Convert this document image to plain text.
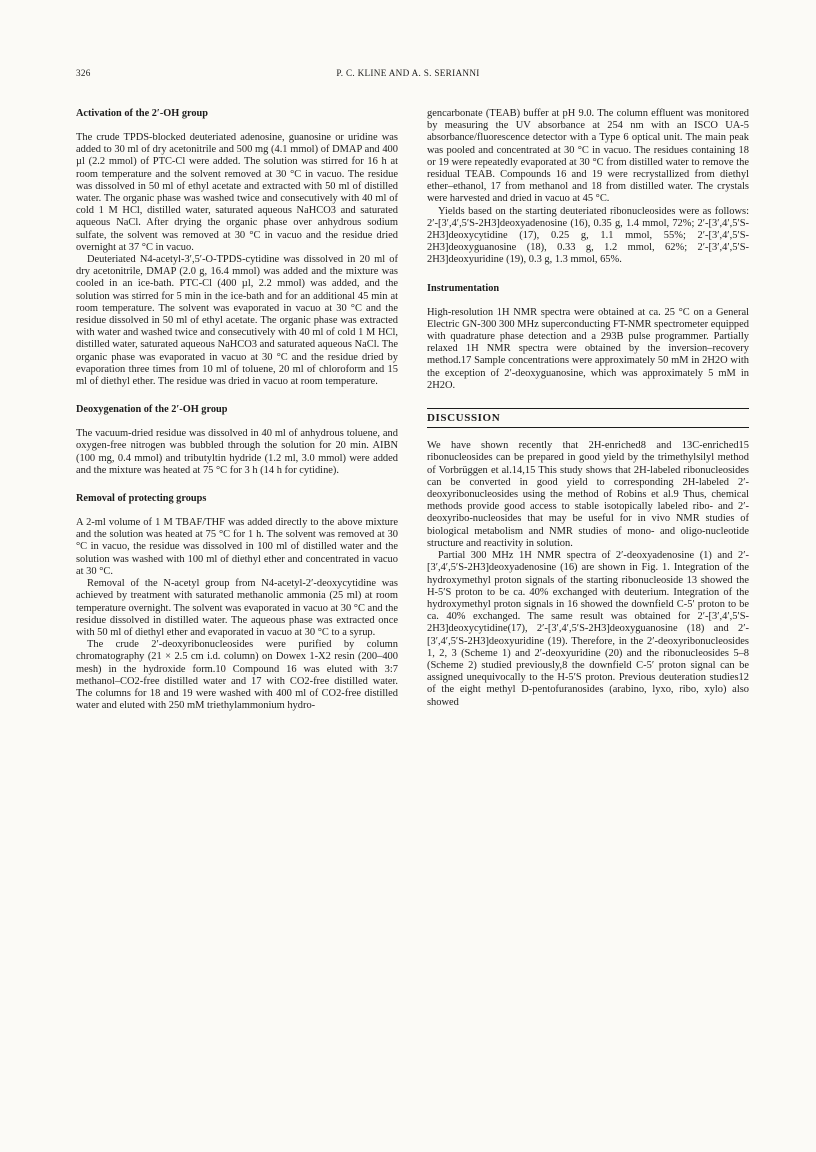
326	P. C. KLINE AND A. S. SERIANNI
Activation of the 2′-OH group

The crude TPDS-blocked deuteriated adenosine, guanosine or uridine was added to 30 ml of dry acetonitrile and 500 mg (4.1 mmol) of DMAP and 400 µl (2.2 mmol) of PTC-Cl were added. The solution was stirred for 16 h at room temperature and the solvent removed at 30 °C in vacuo. The residue was dissolved in 50 ml of ethyl acetate and extracted with 50 ml of distilled water. The organic phase was washed twice and consecutively with 40 ml of cold 1 M HCl, distilled water, saturated aqueous NaHCO3 and saturated aqueous NaCl. After drying the organic phase over anhydrous sodium sulfate, the solvent was removed at 30 °C in vacuo and the residue dried overnight at 37 °C in vacuo.

Deuteriated N4-acetyl-3′,5′-O-TPDS-cytidine was dissolved in 20 ml of dry acetonitrile, DMAP (2.0 g, 16.4 mmol) was added and the mixture was cooled in an ice-bath. PTC-Cl (400 µl, 2.2 mmol) was added, and the solution was stirred for 5 min in the ice-bath and for an additional 45 min at room temperature. The solvent was evaporated in vacuo at 30 °C and the residue dissolved in 50 ml of ethyl acetate. The organic phase was extracted with water and washed twice and consecutively with 40 ml of cold 1 M HCl, distilled water, saturated aqueous NaHCO3 and saturated aqueous NaCl. The organic phase was evaporated in vacuo at 30 °C and the residue dried by evaporation three times from 10 ml of toluene, 20 ml of chloroform and 15 ml of diethyl ether. The residue was dried in vacuo at room temperature.

Deoxygenation of the 2′-OH group

The vacuum-dried residue was dissolved in 40 ml of anhydrous toluene, and oxygen-free nitrogen was bubbled through the solution for 20 min. AIBN (100 mg, 0.4 mmol) and tributyltin hydride (1.2 ml, 3.0 mmol) were added and the mixture was heated at 75 °C for 3 h (14 h for cytidine).

Removal of protecting groups

A 2-ml volume of 1 M TBAF/THF was added directly to the above mixture and the solution was heated at 75 °C for 1 h. The solvent was removed at 30 °C in vacuo, the residue was dissolved in 100 ml of distilled water and the solution was washed with 100 ml of diethyl ether and concentrated in vacuo at 30 °C.

Removal of the N-acetyl group from N4-acetyl-2′-deoxycytidine was achieved by treatment with saturated methanolic ammonia (25 ml) at room temperature overnight. The solvent was evaporated in vacuo at 30 °C and the residue dissolved in distilled water. The aqueous phase was extracted once with 50 ml of diethyl ether and evaporated in vacuo at 30 °C to a syrup.

The crude 2′-deoxyribonucleosides were purified by column chromatography (21 × 2.5 cm i.d. column) on Dowex 1-X2 resin (200–400 mesh) in the hydroxide form.10 Compound 16 was eluted with 3:7 methanol–CO2-free distilled water and 17 with CO2-free distilled water. The columns for 18 and 19 were washed with 400 ml of CO2-free distilled water and eluted with 250 mM triethylammonium hydro-

gencarbonate (TEAB) buffer at pH 9.0. The column effluent was monitored by measuring the UV absorbance at 254 nm with an ISCO UA-5 absorbance/fluorescence detector with a Type 6 optical unit. The main peak was pooled and concentrated at 30 °C in vacuo. The residues containing 18 or 19 were repeatedly evaporated at 30 °C from distilled water to remove the residual TEAB. Compounds 16 and 19 were recrystallized from diethyl ether–ethanol, 17 from methanol and 18 from distilled water. The crystals were harvested and dried in vacuo at 45 °C.

Yields based on the starting deuteriated ribonucleosides were as follows: 2′-[3′,4′,5′S-2H3]deoxyadenosine (16), 0.35 g, 1.4 mmol, 72%; 2′-[3′,4′,5′S-2H3]deoxycytidine (17), 0.25 g, 1.1 mmol, 55%; 2′-[3′,4′,5′S-2H3]deoxyguanosine (18), 0.33 g, 1.2 mmol, 62%; 2′-[3′,4′,5′S-2H3]deoxyuridine (19), 0.3 g, 1.3 mmol, 65%.

Instrumentation

High-resolution 1H NMR spectra were obtained at ca. 25 °C on a General Electric GN-300 300 MHz superconducting FT-NMR spectrometer equipped with quadrature phase detection and a 293B pulse programmer. Partially relaxed 1H NMR spectra were obtained by the inversion–recovery method.17 Sample concentrations were approximately 50 mM in 2H2O with the exception of 2′-deoxyguanosine, which was approximately 5 mM in 2H2O.

DISCUSSION

We have shown recently that 2H-enriched8 and 13C-enriched15 ribonucleosides can be prepared in good yield by the trimethylsilyl method of Vorbrüggen et al.14,15 This study shows that 2H-labeled ribonucleosides can be converted in good yield to corresponding 2H-labeled 2′-deoxyribonucleosides using the method of Robins et al.9 Thus, chemical methods provide good access to stable isotopically labeled ribo- and 2′-deoxyribo-nucleosides that may be useful for in vivo NMR studies of biological metabolism and NMR studies of mono- and oligo-nucleotide structure and reactivity in solution.

Partial 300 MHz 1H NMR spectra of 2′-deoxyadenosine (1) and 2′-[3′,4′,5′S-2H3]deoxyadenosine (16) are shown in Fig. 1. Integration of the hydroxymethyl proton signals of the starting ribonucleoside 13 showed the H-5′S proton to be ca. 40% exchanged with deuterium. Integration of the hydroxymethyl proton signals in 16 showed the downfield C-5′ proton to be ca. 40% exchanged. The same result was obtained for 2′-[3′,4′,5′S-2H3]deoxycytidine(17), 2′-[3′,4′,5′S-2H3]deoxyguanosine (18) and 2′-[3′,4′,5′S-2H3]deoxyuridine (19). Therefore, in the 2′-deoxyribonucleosides 1, 2, 3 (Scheme 1) and 2′-deoxyuridine (20) and the ribonucleosides 5–8 (Scheme 2) studied previously,8 the downfield C-5′ proton signal can be assigned unequivocally to the H-5′S proton. Previous deuteration studies12 of the eight methyl D-pentofuranosides (arabino, lyxo, ribo, xylo) also showed
